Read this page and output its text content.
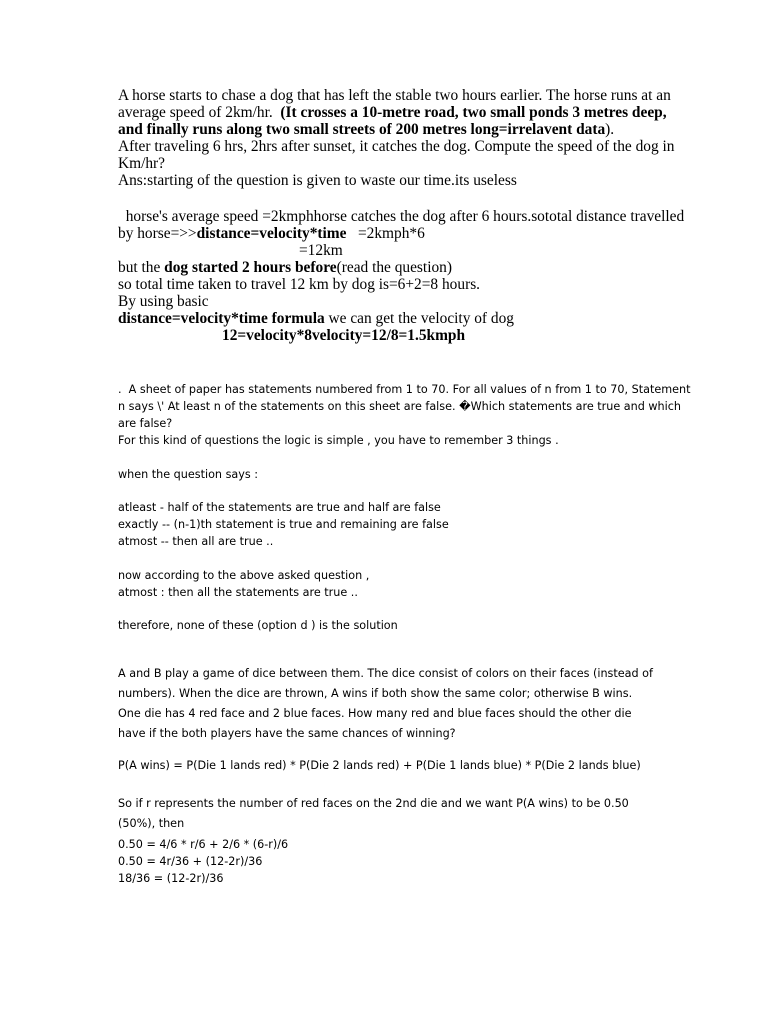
A horse starts to chase a dog that has left the stable two hours earlier. The horse runs at an average speed of 2km/hr.  (It crosses a 10-metre road, two small ponds 3 metres deep, and finally runs along two small streets of 200 metres long=irrelavent data).
After traveling 6 hrs, 2hrs after sunset, it catches the dog. Compute the speed of the dog in Km/hr?
Ans:starting of the question is given to waste our time.its useless

horse's average speed =2kmphhorse catches the dog after 6 hours.sototal distance travelled by horse=>>distance=velocity*time   =2kmph*6
=12km
but the dog started 2 hours before(read the question)
so total time taken to travel 12 km by dog is=6+2=8 hours.
By using basic
distance=velocity*time formula we can get the velocity of dog
12=velocity*8velocity=12/8=1.5kmph

.  A sheet of paper has statements numbered from 1 to 70. For all values of n from 1 to 70, Statement n says \' At least n of the statements on this sheet are false. �Which statements are true and which are false?

For this kind of questions the logic is simple , you have to remember 3 things .

when the question says :

atleast - half of the statements are true and half are false

exactly -- (n-1)th statement is true and remaining are false

atmost -- then all are true ..

now according to the above asked question ,

atmost : then all the statements are true ..

therefore, none of these (option d ) is the solution

A and B play a game of dice between them. The dice consist of colors on their faces (instead of numbers). When the dice are thrown, A wins if both show the same color; otherwise B wins. One die has 4 red face and 2 blue faces. How many red and blue faces should the other die have if the both players have the same chances of winning?

P(A wins) = P(Die 1 lands red) * P(Die 2 lands red) + P(Die 1 lands blue) * P(Die 2 lands blue)

So if r represents the number of red faces on the 2nd die and we want P(A wins) to be 0.50 (50%), then

0.50 = 4/6 * r/6 + 2/6 * (6-r)/6

0.50 = 4r/36 + (12-2r)/36

18/36 = (12-2r)/36
